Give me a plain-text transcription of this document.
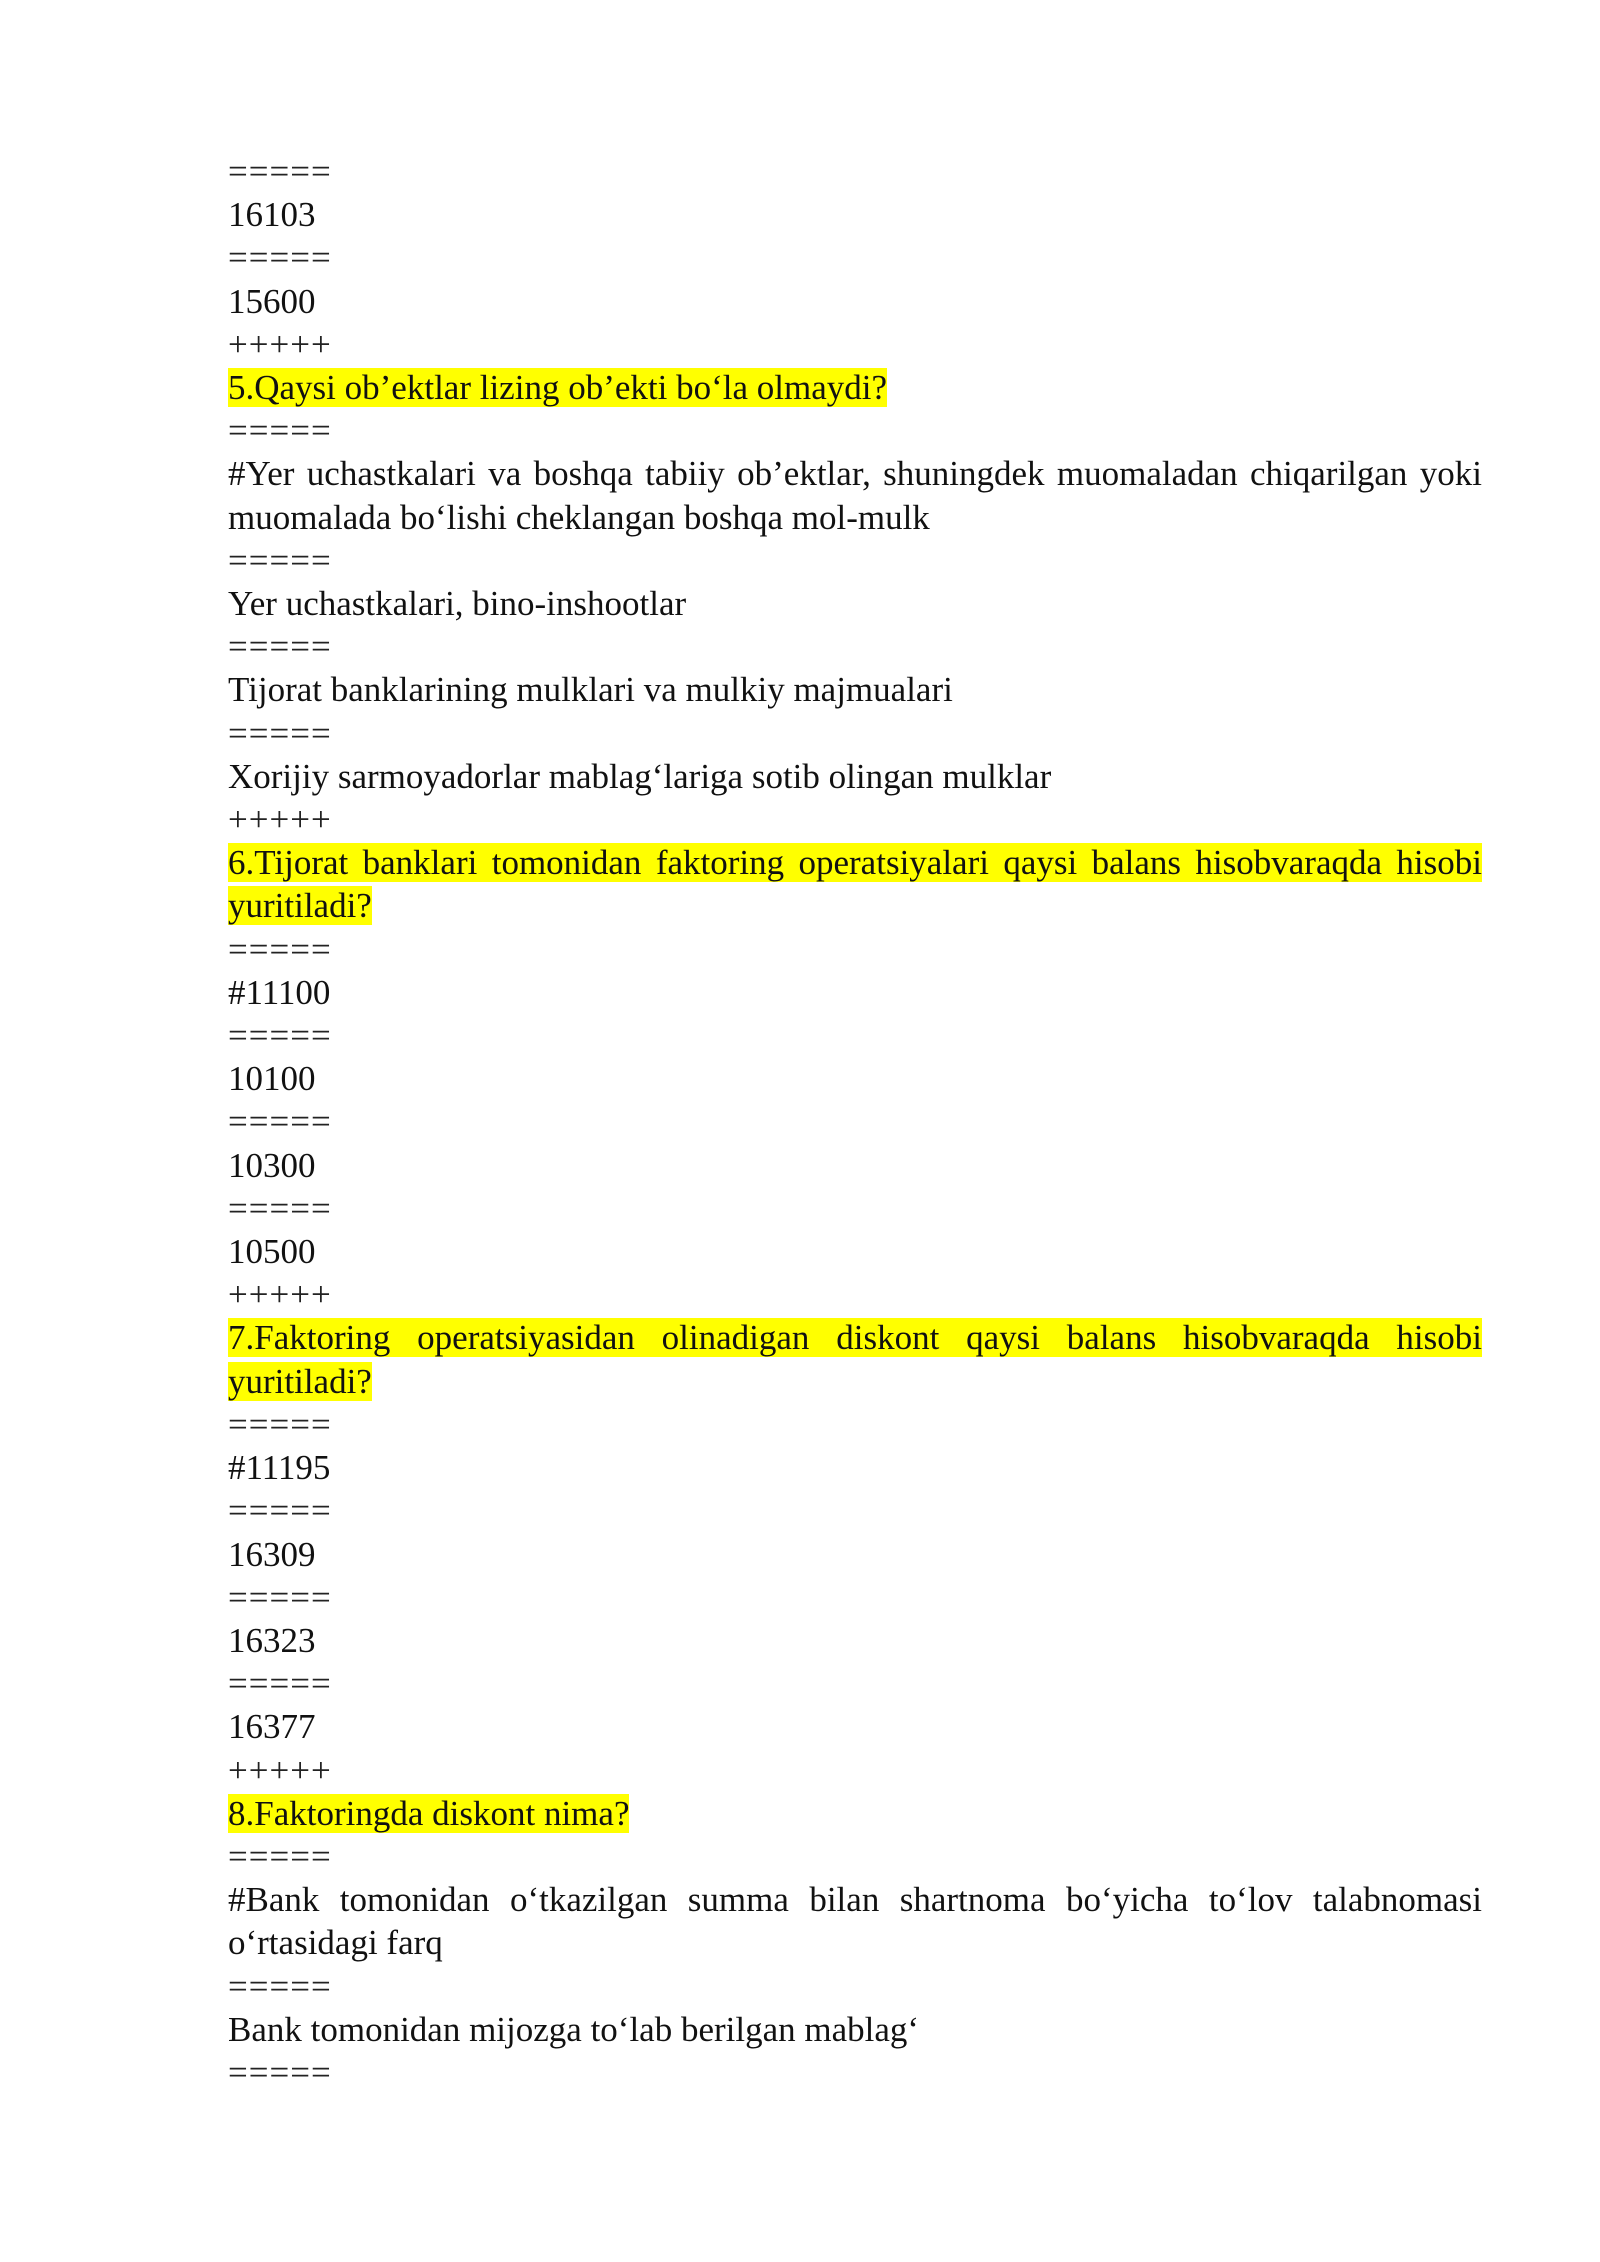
=====
16103
=====
15600
+++++
5.Qaysi ob’ektlar lizing ob’ekti bo‘la olmaydi?
=====
#Yer uchastkalari va boshqa tabiiy ob’ektlar, shuningdek muomaladan chiqarilgan yoki muomalada bo‘lishi cheklangan boshqa mol-mulk
=====
Yer uchastkalari, bino-inshootlar
=====
Tijorat banklarining mulklari va mulkiy majmualari
=====
Xorijiy sarmoyadorlar mablag‘lariga sotib olingan mulklar
+++++
6.Tijorat banklari tomonidan faktoring operatsiyalari qaysi balans hisobvaraqda hisobi yuritiladi?
=====
#11100
=====
10100
=====
10300
=====
10500
+++++
7.Faktoring operatsiyasidan olinadigan diskont qaysi balans hisobvaraqda hisobi yuritiladi?
=====
#11195
=====
16309
=====
16323
=====
16377
+++++
8.Faktoringda diskont nima?
=====
#Bank tomonidan o‘tkazilgan summa bilan shartnoma bo‘yicha to‘lov talabnomasi o‘rtasidagi farq
=====
Bank tomonidan mijozga to‘lab berilgan mablag‘
=====
